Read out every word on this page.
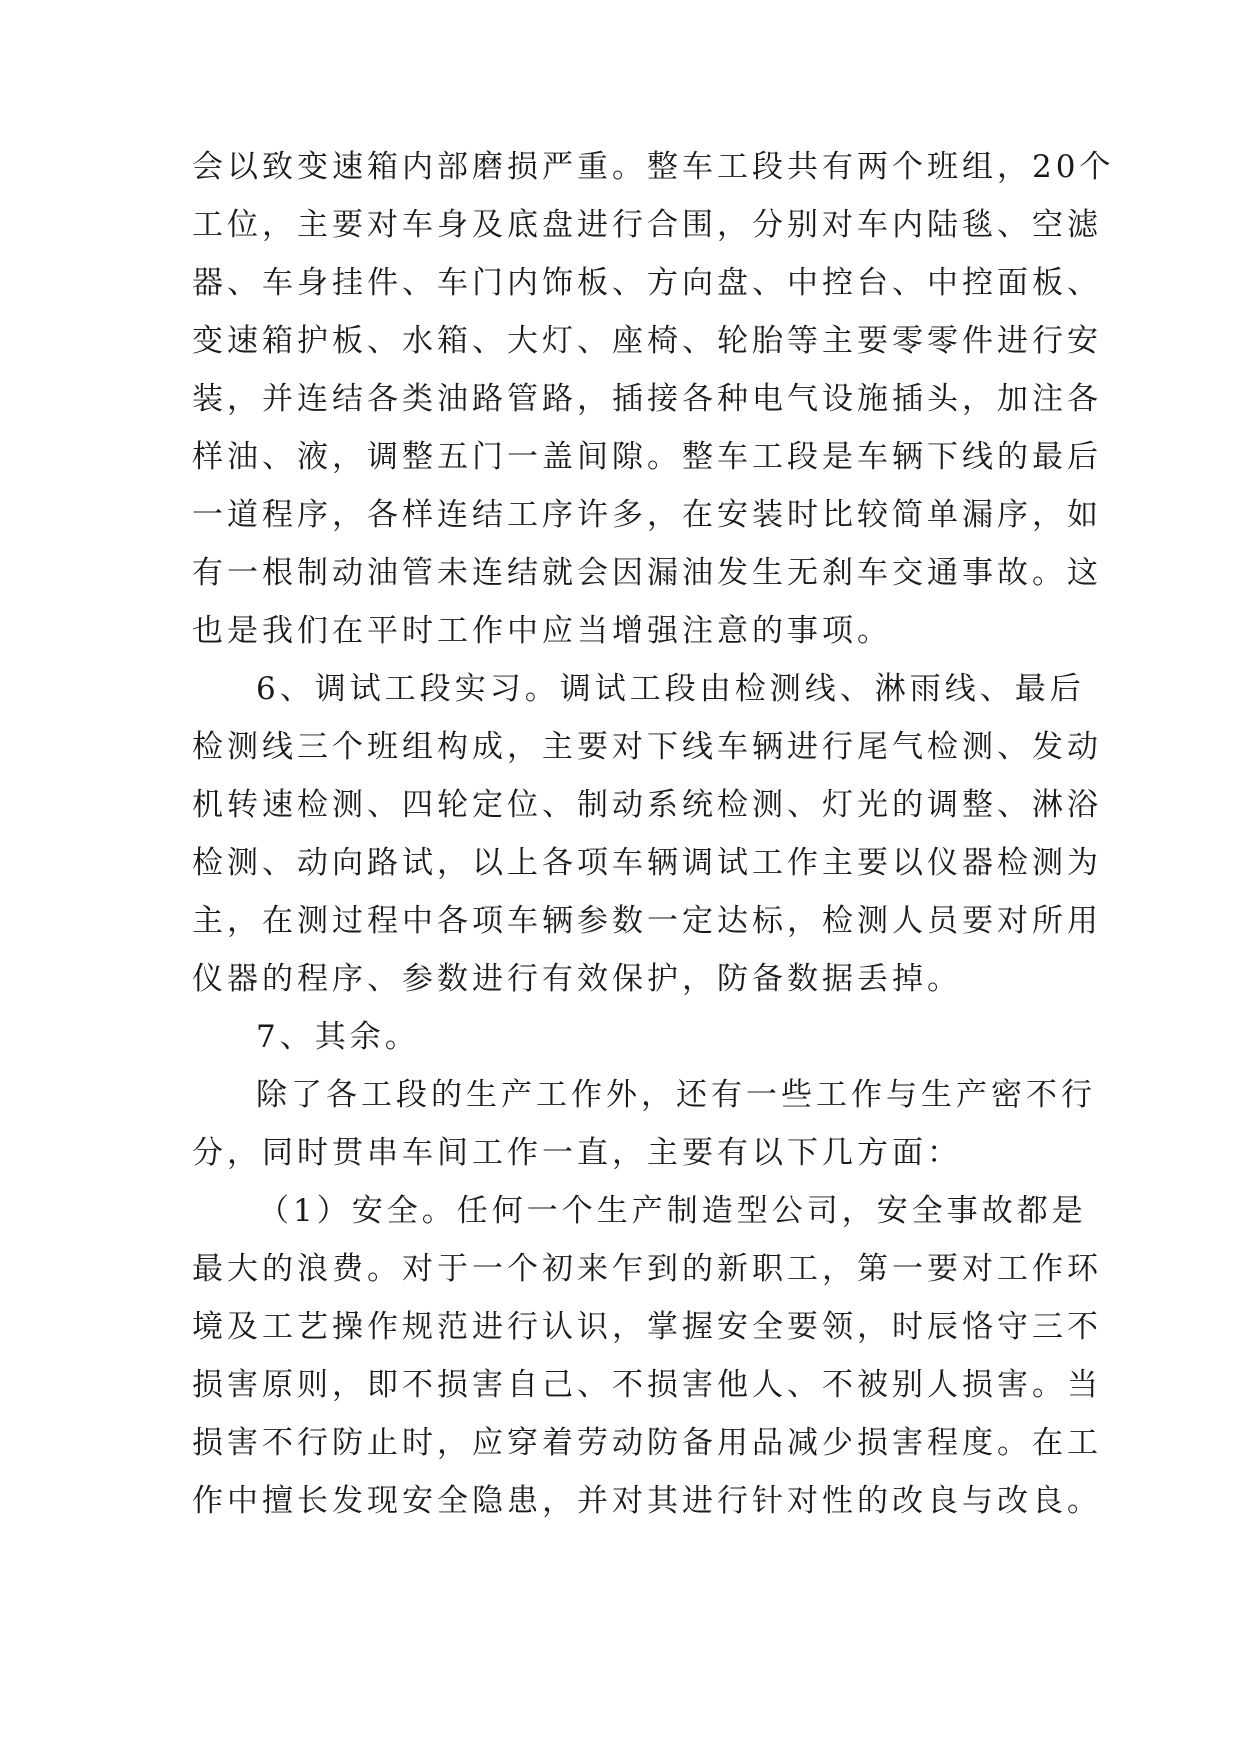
会以致变速箱内部磨损严重。整车工段共有两个班组，20个
工位，主要对车身及底盘进行合围，分别对车内陆毯、空滤
器、车身挂件、车门内饰板、方向盘、中控台、中控面板、
变速箱护板、水箱、大灯、座椅、轮胎等主要零零件进行安
装，并连结各类油路管路，插接各种电气设施插头，加注各
样油、液，调整五门一盖间隙。整车工段是车辆下线的最后
一道程序，各样连结工序许多，在安装时比较简单漏序，如
有一根制动油管未连结就会因漏油发生无刹车交通事故。这
也是我们在平时工作中应当增强注意的事项。
6、调试工段实习。调试工段由检测线、淋雨线、最后
检测线三个班组构成，主要对下线车辆进行尾气检测、发动
机转速检测、四轮定位、制动系统检测、灯光的调整、淋浴
检测、动向路试，以上各项车辆调试工作主要以仪器检测为
主，在测过程中各项车辆参数一定达标，检测人员要对所用
仪器的程序、参数进行有效保护，防备数据丢掉。
7、其余。
除了各工段的生产工作外，还有一些工作与生产密不行
分，同时贯串车间工作一直，主要有以下几方面：
（1）安全。任何一个生产制造型公司，安全事故都是
最大的浪费。对于一个初来乍到的新职工，第一要对工作环
境及工艺操作规范进行认识，掌握安全要领，时辰恪守三不
损害原则，即不损害自己、不损害他人、不被别人损害。当
损害不行防止时，应穿着劳动防备用品减少损害程度。在工
作中擅长发现安全隐患，并对其进行针对性的改良与改良。
